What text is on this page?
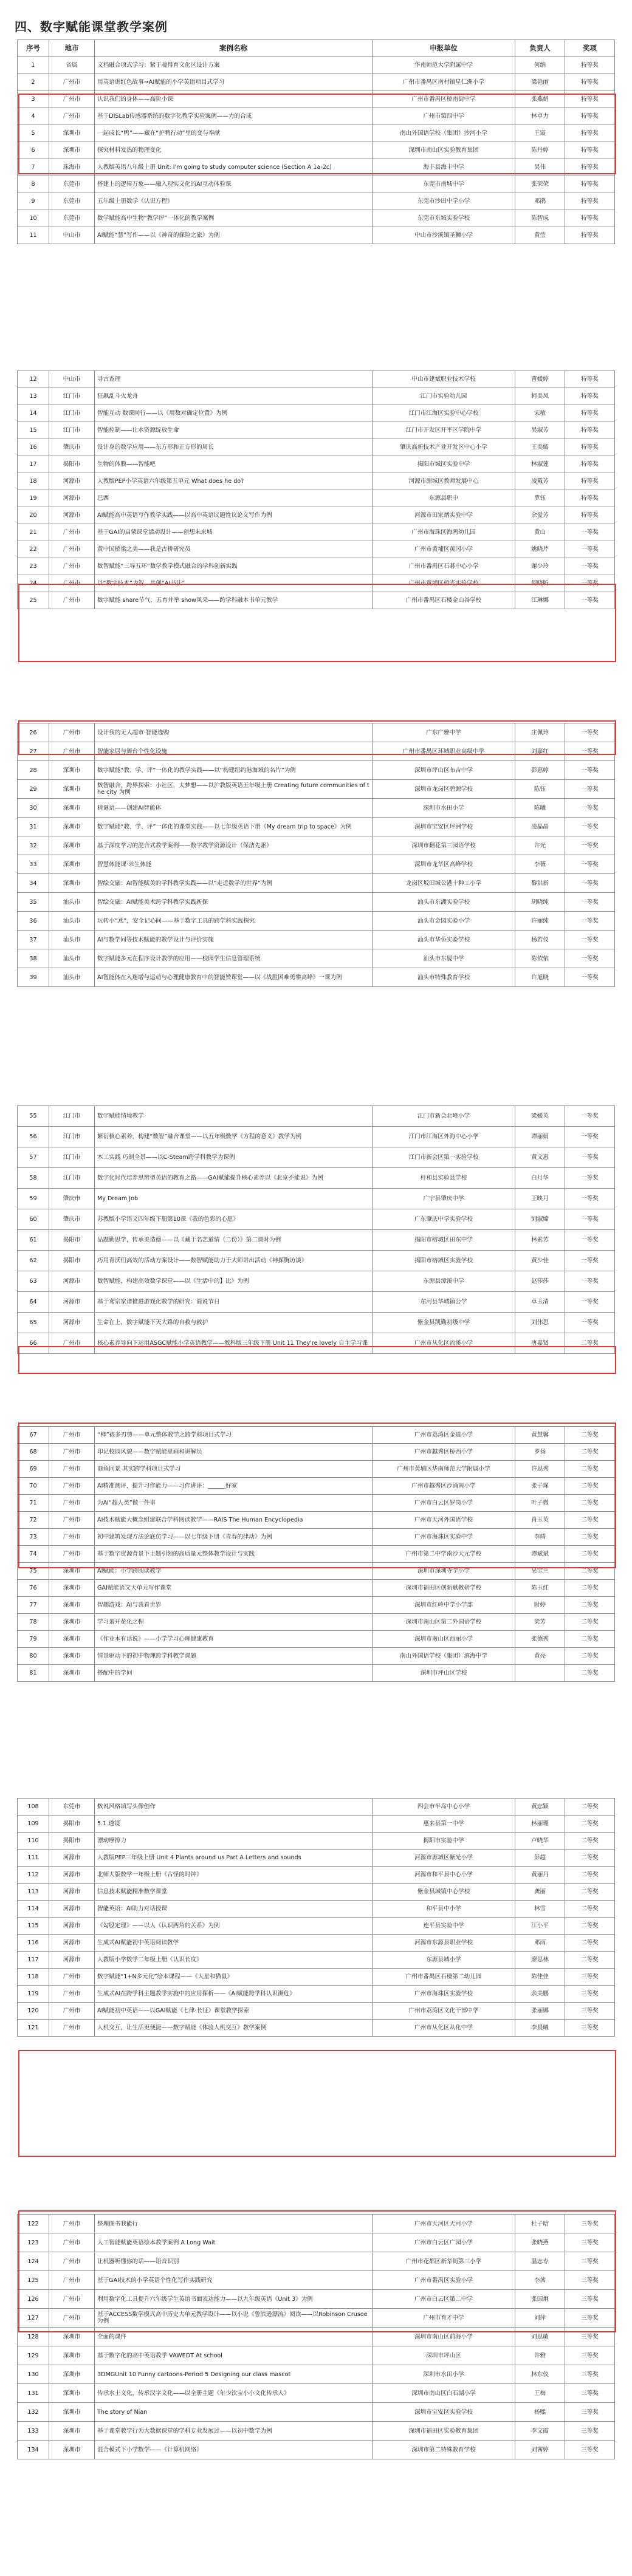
四、数字赋能课堂教学案例
序号	地市	案例名称	申报单位	负责人	奖项
1	省属	文档融合项式学习：紧于魂得育文化区设计方案	华南师范大学附属中学	何纳	特等奖
2	广州市	用英语讲红色故事→AI赋能的小学英语项目式学习	广州市番禺区南村镇星仁洲小学	梁艳丽	特等奖
3	广州市	认识我们的身体——高阶小课	广州市番禺区桥南街中学	张燕娟	特等奖
4	广州市	基于DISLab传感器系统的数字化教学实验案例——力的合成	广州市第四中学	林卓力	特等奖
5	深圳市	一起成长“鸭”——藏在“护鸭行动”里的变与奉献	南山外国语学校（集团）沙河小学	王霞	特等奖
6	深圳市	探究材料发热的物理变化	深圳市南山区实验教育集团	陈丹婷	特等奖
7	珠海市	人教版英语八年级上册 Unit: I'm going to study computer science (Section A 1a-2c)	海丰县海丰中学	吴伟	特等奖
8	东莞市	搭建上的逻辑万象——融入现实文化的AI互动体验课	东莞市南城中学	张荣荣	特等奖
9	东莞市	五年级上册数学《认识方程》	东莞市沙田中学小学	邓鹃	特等奖
10	东莞市	数学赋能高中生物“教学评”一体化的教学案例	东莞市东城实验学校	陈智成	特等奖
11	中山市	AI赋能“慧”写作——以《神奇的探险之旅》为例	中山市沙溪镇圣狮小学	黄莹	特等奖
12	中山市	寻古查理	中山市建斌职业技术学校	曹媛婷	特等奖
13	江门市	狂飙乱斗火龙舟	江门市实验幼儿园	柯美凤	特等奖
14	江门市	智能互动 数课同行——以《用数对确定位置》为例	江门市江海区实验中心学校	宋敏	特等奖
15	江门市	智能控制——让水资源绽放生命	江门市开发区开平区学院中学	吴淑芳	特等奖
16	肇庆市	设计身的数学应用——东方形和正方形的周长	肇庆高新技术产业开发区中心小学	王美嫣	特等奖
17	揭阳市	生物的体膜——智能吧	揭阳市城区实验中学	林淑莲	特等奖
18	河源市	人教版PEP小学英语六年级第五单元 What does he do?	河源市源城区教师发展中心	凌戴芳	特等奖
19	河源市	巴西	东源县职中	罗钰	特等奖
20	河源市	AI赋能高中英语写作教学实践——以高中英语议题性议论文写作为例	河源市田家炳实验中学	余爱芳	特等奖
21	广州市	基于GAI的启蒙课堂活动设计——创想未来城	广州市海珠区海鸥幼儿园	黄山	一等奖
22	广州市	黄中国桥梁之美——我是古桥研究员	广州市黄埔区黄冈小学	姚晓芹	一等奖
23	广州市	数智赋能“三导五环”数学教学模式融合的学科创新实践	广州市番禺区石碁中心小学	谢少玲	一等奖
24	广州市	以“数字技术”为智，共创“AI书法”	广州市黄埔区桥光实验学校	何晓听	一等奖
25	广州市	数字赋能 share节气，五育并举 show风采——跨学科融本书单元教学	广州市番禺区石楼金山谷学校	江琳娜	一等奖
26	广州市	设计我的无人超市·智能选购	广东广雅中学	庄佩玲	一等奖
27	广州市	智能家居与舞台个性化设施	广州市番禺区环城职业高级中学	刘嘉红	一等奖
28	深圳市	数字赋能“教、学、评”一体化的教学实践——以“构建纽约港海城的名片”为例	深圳市坪山区布吉中学	彭惠婷	一等奖
29	深圳市	数智融合，跨界探索：小社区，大梦想——以沪教版英语五年级上册 Creating future communities of the city 为例	深圳市龙岗区碧源学校	陈钰	一等奖
30	深圳市	猜谜语——创建AI智能体	深圳市水田小学	陈曦	一等奖
31	深圳市	数字赋能“教、学、评”一体化的课堂实践——以七年级英语下册《My dream trip to space》为例	深圳市宝安区坪洲学校	凌晶晶	一等奖
32	深圳市	基于深度学习的混合式教学案例——数字教学资源设计（保洁先驱）	深圳市翻花第三园语学校	许光	一等奖
33	深圳市	智慧体能课·求生体能	深圳市龙华区高峰学校	李薇	一等奖
34	深圳市	智绘交融：AI智能赋美的学科教学实践——以“走近数学的世界”为例	龙岗区坂田城公港十种工小学	黎洪新	一等奖
35	汕头市	智绘交融：AI赋能美术跨学科教学实践新探	汕头市东湖实验学校	胡晓纯	一等奖
36	汕头市	玩转小“燕”，安全记心间——基于数字工具的跨学科实践探究	汕头市金园实验小学	许丽纯	一等奖
37	汕头市	AI与数学同等技术赋能的教学设计与评价实施	汕头市华侨实验学校	杨若仪	一等奖
38	汕头市	数字赋能多元在程序设计教学的应用——校园学生信息管理系统	汕头市东厦中学	陈依依	一等奖
39	汕头市	AI智能体在入迷增与运动与心理健康教育中的智能赞课堂——以《战胜困难勇攀高峰》一课为例	汕头市特殊教育学校	许旭晓	一等奖
55	江门市	数字赋能情境教学	江门市新会北峰小学	梁媛英	一等奖
56	江门市	繁衍核心素养，构建“数智”融合课堂——以五年级数学《方程的意义》教学为例	江门市江海区外海中心小学	谭丽娟	一等奖
57	江门市	木工实践 巧制全景——以C-Steam跨学科教学为课例	江门市新会区第一实验学校	黄文惠	一等奖
58	江门市	数字化时代培养思辨型英语的教育之路——GAI赋能提升核心素养以《北京不能说》为例	杆和县实验县学校	白月华	一等奖
59	肇庆市	My Dream Job	广宁县肇庆中学	王映月	一等奖
60	肇庆市	苏教版小学语文四年级下册第10课《我的色彩的心愿》	广东肇庆中学实验学校	刘淑嫦	一等奖
61	揭阳市	品题勤思学，传承美造德——以《藏于名艺道情（二份）》第二课时为例	揭阳市榕城区田东中学	林素芳	一等奖
62	揭阳市	巧用青沃们高效的活动方案设计——数智赋能助力于大师讲出活动《神探胸访谈》	揭阳市榕城区实验学校	黄少佳	一等奖
63	河源市	数智赋能，构建高效数学课堂——以《生活中的】比》为例	东源县漳溪中学	赵莎莎	一等奖
64	河源市	基于鸢宗家谱推进游戏化教学的研究：简说节日	东河县华城镇公学	卓玉清	一等奖
65	河源市	生命在上，数字赋能下天大路的自救与救护	紫金县凯勤初级中学	刘伟思	一等奖
66	广州市	核心素养导向下运用ASGC赋能小学英语教学——教科版三年级下册 Unit 11 They're lovely 自主学习课	广州市从化区流溪小学	唐嘉贤	二等奖
67	广州市	“榫”孩多刃剪——单元整体教学之跨学科项目式学习	广州市荔湾区金道小学	黄慧馨	二等奖
68	广州市	印记校园风貌——数字赋能里画和讲解员	广州市越秀区桥西小学	罗扬	二等奖
69	广州市	商鱼同景 其实跨学科项目式学习	广州市黄埔区华南师范大学附属小学	许思秀	二等奖
70	广州市	AI精准测评，提升习作能力——习作讲评：______好家	广州市越秀区沙涌南小学	张子琛	二等奖
71	广州市	为AI“超人类”做一件事	广州市白云区罗岗小学	叶子微	二等奖
72	广州市	AI技术赋能大概念组建联合学科阅读教学——RAIS The Human Encyclopedia	广州市天河外国语学校	肖玉英	二等奖
73	广州市	初中建筑发现方法论底仿学习——以七年级下册《青春的律动》为例	广州市海珠区实验中学	李靖	二等奖
74	广州市	基于数字资源背景下主题引领的高质量元整体教学设计与实践	广州市第二中学南沙天元学校	谭斌斌	二等奖
75	深圳市	AI赋能：小学跨阅读教学	深圳市深圳寺学小学	吴宝兰	二等奖
76	深圳市	GAI赋能语文大单元写作课堂	深圳市福田区创新赋教研学校	陈玉红	二等奖
77	深圳市	智趣游戏：AI与我看世界	深圳市红岭中学小学部	时婷	二等奖
78	深圳市	学习蛋开花化之程	深圳市南山区第二外国语学校	梁芳	二等奖
79	深圳市	《作业本有话说》——小学学习心理健康教育	深圳市南山区西丽小学	张德秀	二等奖
80	深圳市	情景驱动下的初中物理跨学科教学课题	南山外国语学校（集团）滨海中学	黄亮	二等奖
81	深圳市	搭配中的学问	深圳市坪山区学校		二等奖
108	东莞市	数说风格填写头像创作	四会市半岛中心小学	黄志颖	二等奖
109	揭阳市	5.1 透镜	惠来县第一中学	林丽珊	二等奖
110	揭阳市	漂动摩擦力	揭阳市实验中学	卢晓华	二等奖
111	河源市	人教版PEP三年级上册 Unit 4 Plants around us Part A Letters and sounds	河源市源城区紫光小学	彭超	二等奖
112	河源市	北师大版数学一年级上册《古怪的时钟》	河源市和平县中心小学	黄丽丹	二等奖
113	河源市	信息技术赋能精准数学课堂	紫金县城镇中心学校	龚丽	二等奖
114	河源市	智能英语：AI助力对话授课	和平县中小学	林雪	二等奖
115	河源市	《勾股定理》——以人《认识两角的关系》为例	连平县实验中学	江小平	二等奖
116	河源市	生成式AI赋能初中英语阅读教学	河源市东源县职业学校	邓雨	二等奖
117	河源市	人教版小学数学二年级上册《认识长度》	东源县城小学	廖思林	二等奖
118	广州市	数字赋能“1+N多元化”绘本课程——《大星和猫鼠》	广州市番禺区石楼第二幼儿园	陈佳佳	三等奖
119	广州市	生成式AI在跨学科主题教学实施中的应用探析——《AI赋能跨学科认识濒危》	广州市海珠区实验学校	余美鹏	三等奖
120	广州市	AI赋能初中英语——以GAI赋能《七律·长征》课堂教学探索	广州市荔湾区文化干部中学	张丽娜	三等奖
121	广州市	人机交互，让生活更便捷——数字赋能《体验人机交互》教学案例	广州市从化区从化中学	李晨曦	三等奖
122	广州市	整理图书我能行	广州市天河区天河小学	杜子晗	三等奖
123	广州市	人工智能赋能英语绘本教学案例 A Long Wait	广州市白云区广园小学	张晓燕	三等奖
124	广州市	让机器听懂你的话——语音识别	广州市花都区新华街第三小学	温志专	三等奖
125	广州市	基于GAI技术的小学英语个性化写作实践研究	广州市番禺区实验小学	李茜	三等奖
126	广州市	利用数字化工具提升六年级学生英语书面表达能力——以九年级英语《Unit 3》为例	广州市白云区第二中学	张国炯	三等奖
127	广州市	基于ACCESS数学模式高中历史大单元教学设计——以小说《鲁滨逊漂流》阅读——以Robinson Crusoe为例	广州市育才中学	刘萍	三等奖
128	深圳市	全面的课件	深圳市南山区前海小学	刘思敏	三等奖
129	深圳市	基于数字化的高中英语教学 VAWEDT At school	深圳市坪山区	许雅	三等奖
130	深圳市	3DMGUnit 10 Funny cartoons-Period 5 Designing our class mascot	深圳市水田小学	林东仪	三等奖
131	深圳市	传承水土文化，传承汉字文化——以全册主题《年少饮宝小小文化传承人》	深圳市南山区白石湖小学	王梅	三等奖
132	深圳市	The story of Nian	深圳市宝安区实验学校	杨熙	三等奖
133	深圳市	基于课堂教学行为大数据课堂的学科专业发展过——以初中数学为例	深圳市福田区实验教育集团	李文霞	三等奖
134	深圳市	混合模式下小学数学——《计算机网络》	深圳市第二特殊教育学校	刘茜婷	三等奖
